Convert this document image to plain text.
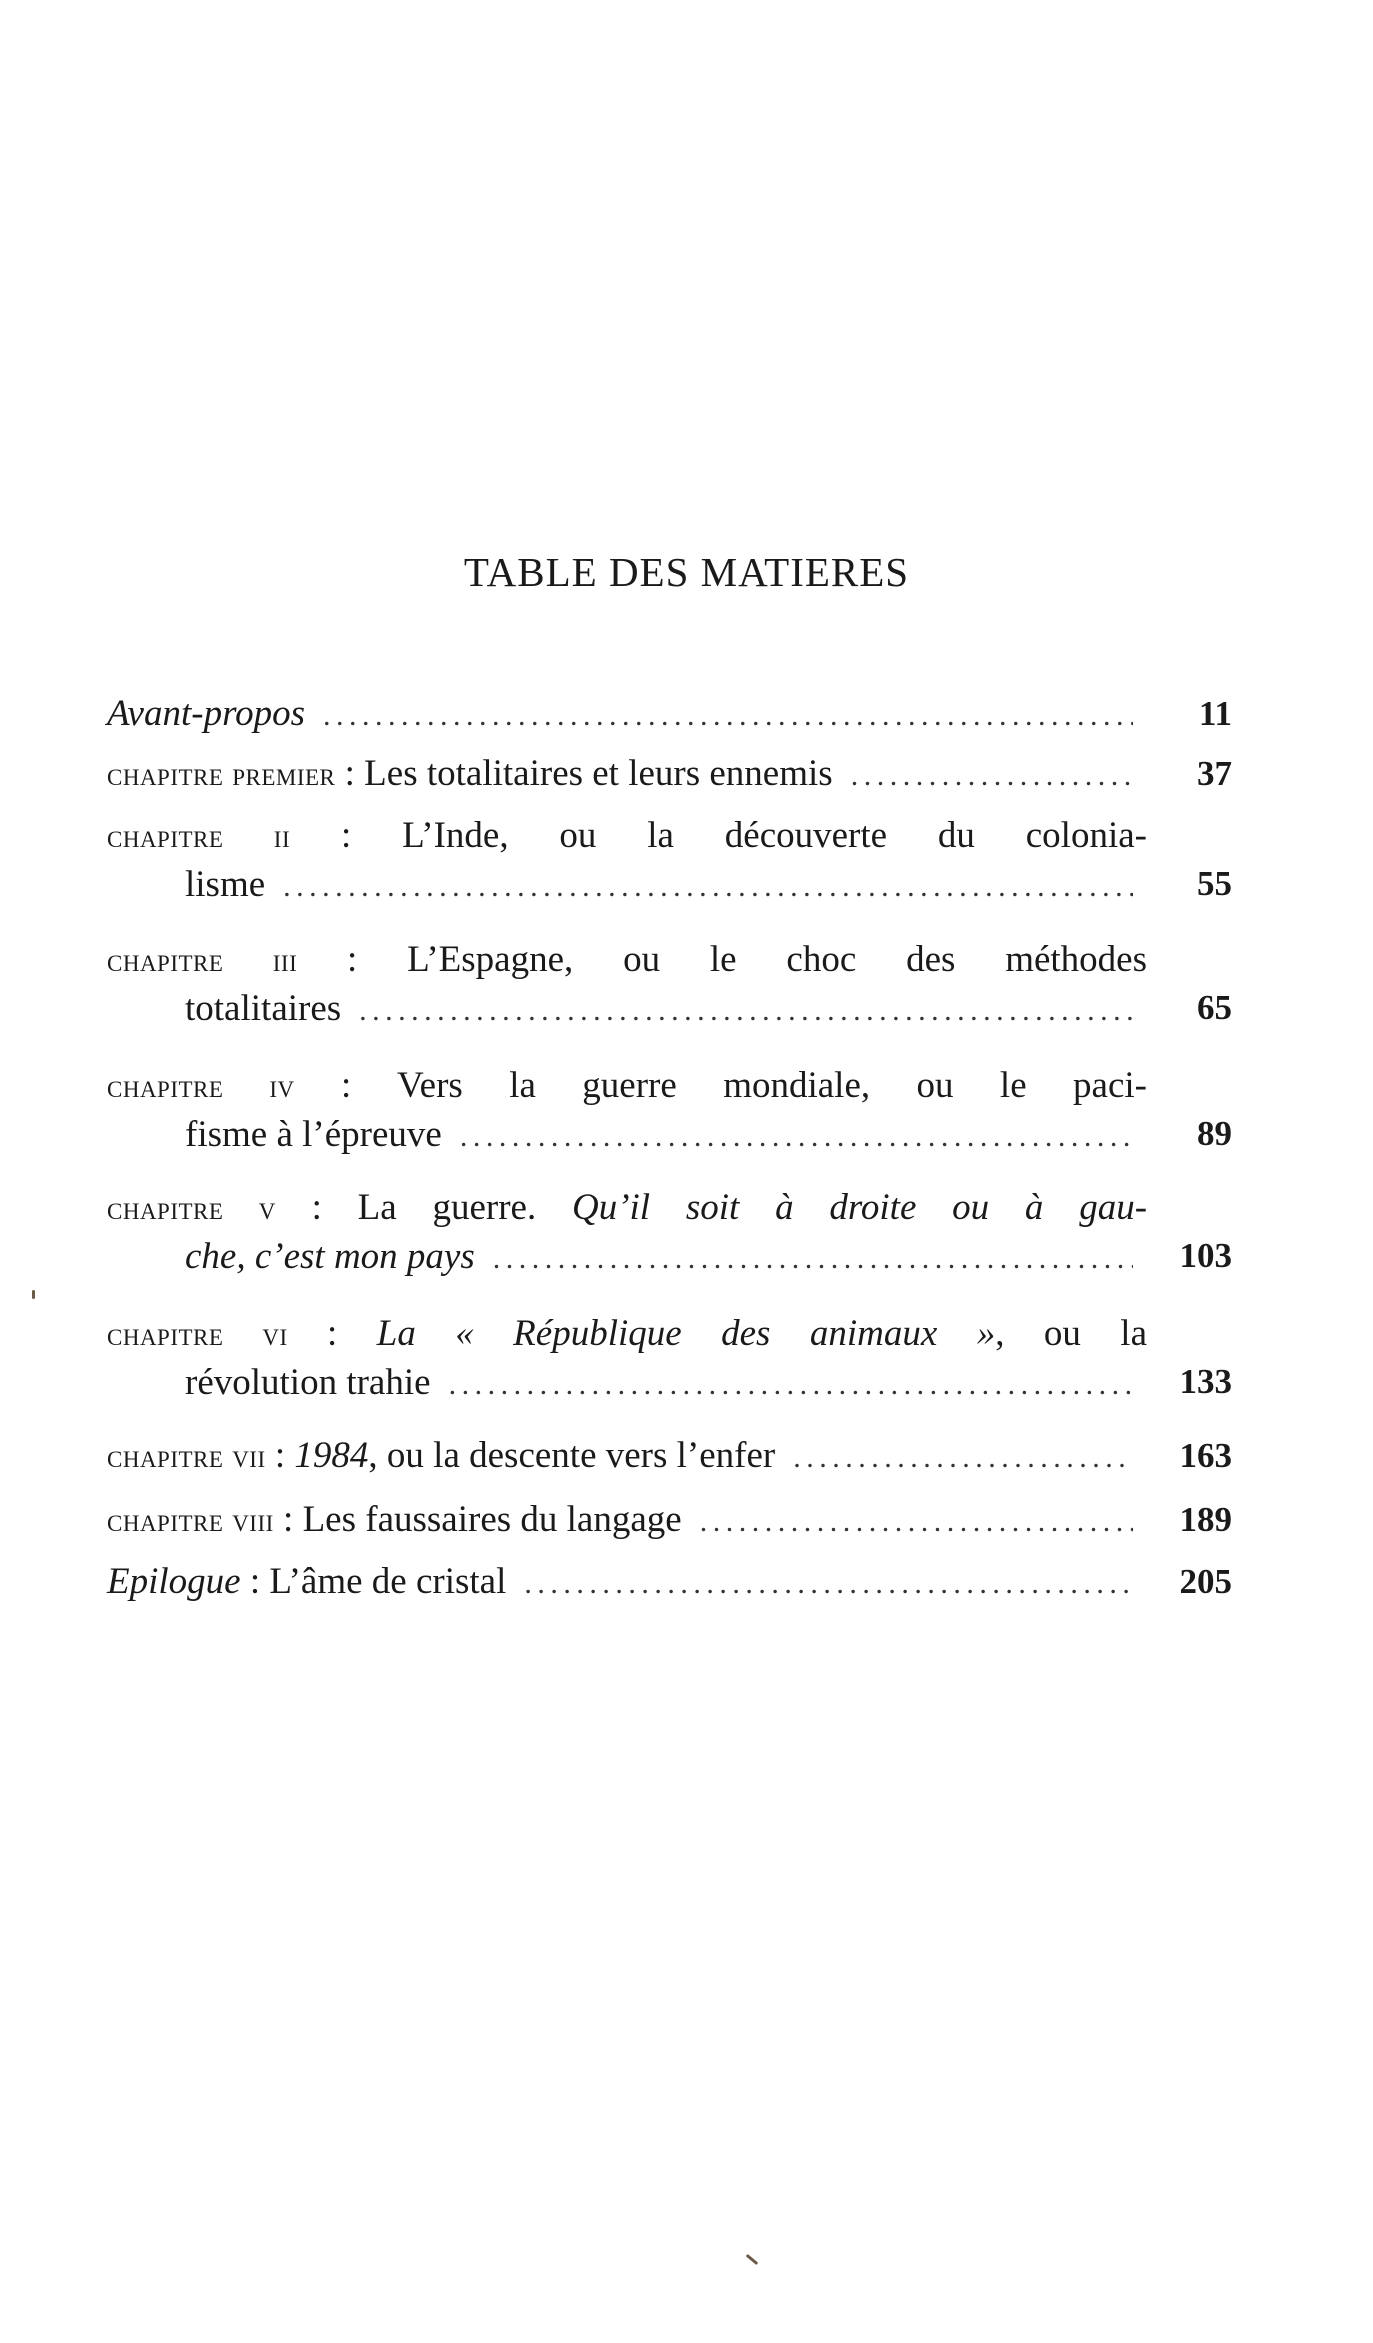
TABLE DES MATIERES
Avant-propos . . .	11
chapitre premier : Les totalitaires et leurs ennemis . . .	37
chapitre ii : L’Inde, ou la découverte du colonia-
lisme . . .	55
chapitre iii : L’Espagne, ou le choc des méthodes
totalitaires . . .	65
chapitre iv : Vers la guerre mondiale, ou le paci-
fisme à l’épreuve . . .	89
chapitre v : La guerre. Qu’il soit à droite ou à gau-
che, c’est mon pays . . .	103
chapitre vi : La « République des animaux », ou la
révolution trahie . . .	133
chapitre vii : 1984, ou la descente vers l’enfer . . .	163
chapitre viii : Les faussaires du langage . . .	189
Epilogue : L’âme de cristal . . .	205
